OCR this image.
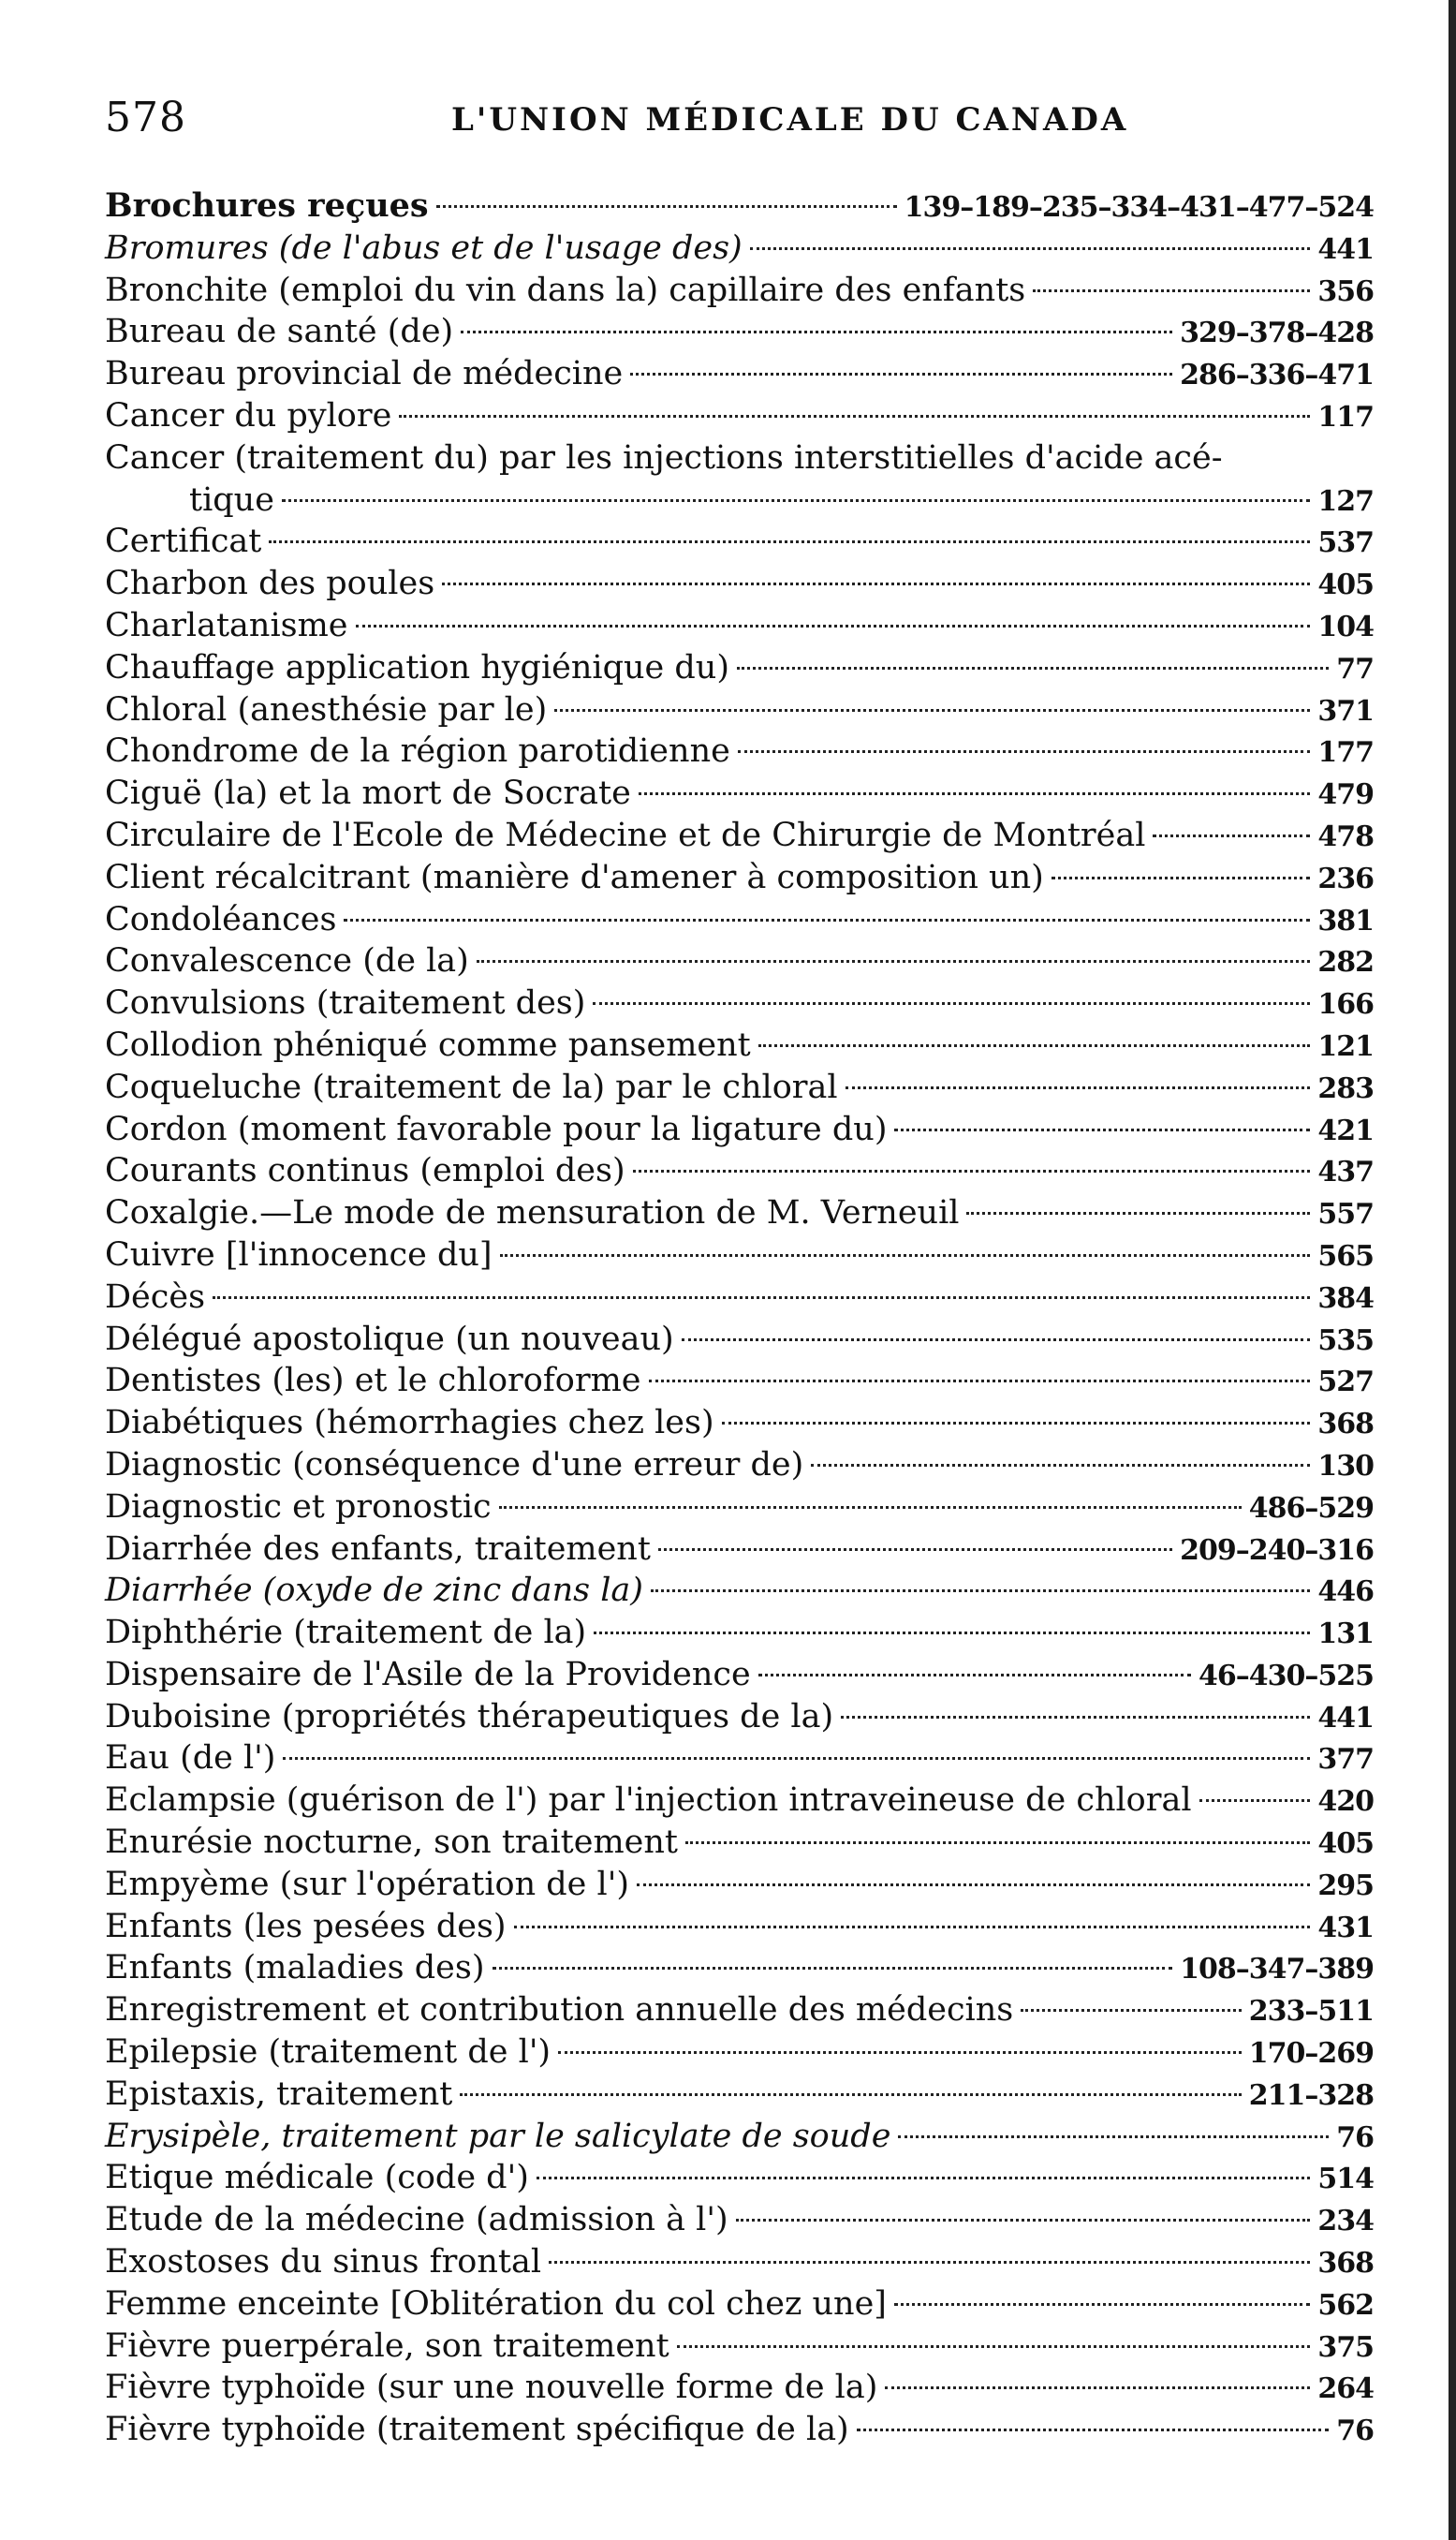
578	L'UNION MÉDICALE DU CANADA
Brochures reçues	139–189–235–334–431–477–524
Bromures (de l'abus et de l'usage des)	441
Bronchite (emploi du vin dans la) capillaire des enfants	356
Bureau de santé (de)	329–378–428
Bureau provincial de médecine	286–336–471
Cancer du pylore	117
Cancer (traitement du) par les injections interstitielles d'acide acé-
tique	127
Certificat	537
Charbon des poules	405
Charlatanisme	104
Chauffage application hygiénique du)	77
Chloral (anesthésie par le)	371
Chondrome de la région parotidienne	177
Ciguë (la) et la mort de Socrate	479
Circulaire de l'Ecole de Médecine et de Chirurgie de Montréal	478
Client récalcitrant (manière d'amener à composition un)	236
Condoléances	381
Convalescence (de la)	282
Convulsions (traitement des)	166
Collodion phéniqué comme pansement	121
Coqueluche (traitement de la) par le chloral	283
Cordon (moment favorable pour la ligature du)	421
Courants continus (emploi des)	437
Coxalgie.—Le mode de mensuration de M. Verneuil	557
Cuivre [l'innocence du]	565
Décès	384
Délégué apostolique (un nouveau)	535
Dentistes (les) et le chloroforme	527
Diabétiques (hémorrhagies chez les)	368
Diagnostic (conséquence d'une erreur de)	130
Diagnostic et pronostic	486–529
Diarrhée des enfants, traitement	209–240–316
Diarrhée (oxyde de zinc dans la)	446
Diphthérie (traitement de la)	131
Dispensaire de l'Asile de la Providence	46–430–525
Duboisine (propriétés thérapeutiques de la)	441
Eau (de l')	377
Eclampsie (guérison de l') par l'injection intraveineuse de chloral	420
Enurésie nocturne, son traitement	405
Empyème (sur l'opération de l')	295
Enfants (les pesées des)	431
Enfants (maladies des)	108–347–389
Enregistrement et contribution annuelle des médecins	233–511
Epilepsie (traitement de l')	170–269
Epistaxis, traitement	211–328
Erysipèle, traitement par le salicylate de soude	76
Etique médicale (code d')	514
Etude de la médecine (admission à l')	234
Exostoses du sinus frontal	368
Femme enceinte [Oblitération du col chez une]	562
Fièvre puerpérale, son traitement	375
Fièvre typhoïde (sur une nouvelle forme de la)	264
Fièvre typhoïde (traitement spécifique de la)	76
